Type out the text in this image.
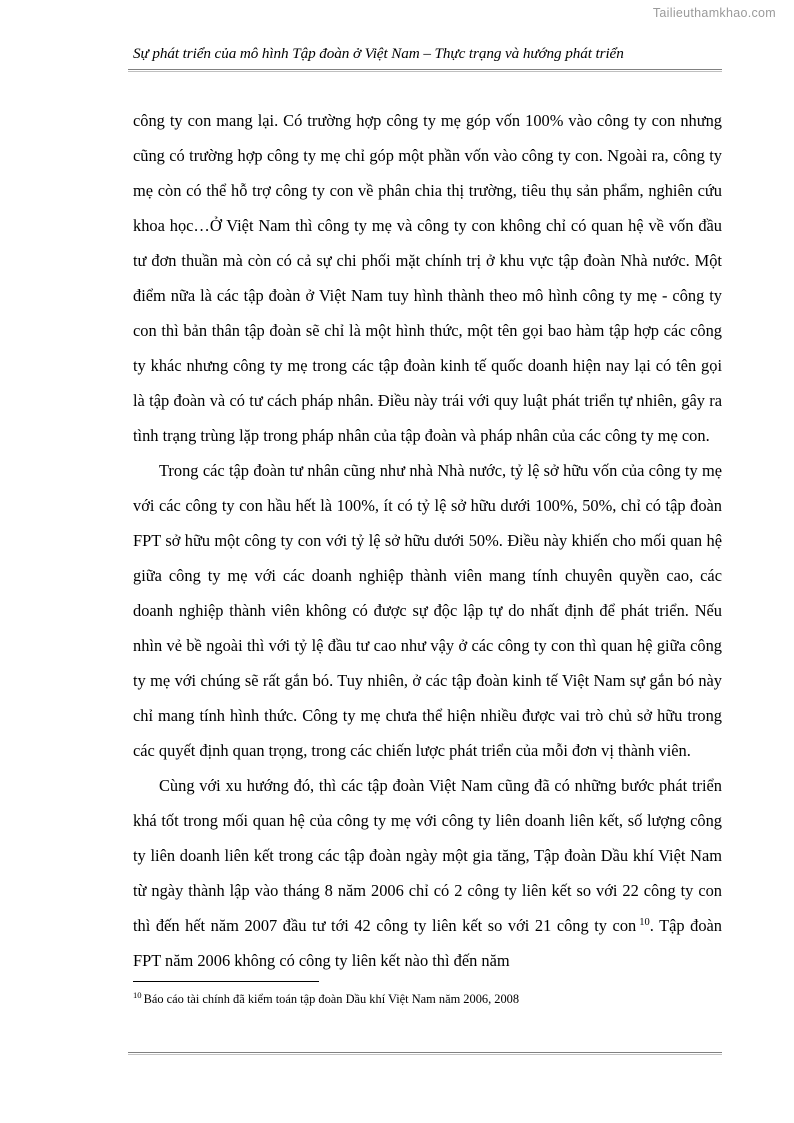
Tailieuthamkhao.com
Sự phát triển của mô hình Tập đoàn ở Việt Nam – Thực trạng và hướng phát triển

công ty con mang lại. Có trường hợp công ty mẹ góp vốn 100% vào công ty con nhưng cũng có trường hợp công ty mẹ chỉ góp một phần vốn vào công ty con. Ngoài ra, công ty mẹ còn có thể hỗ trợ công ty con về phân chia thị trường, tiêu thụ sản phẩm, nghiên cứu khoa học…Ở Việt Nam thì công ty mẹ và công ty con không chỉ có quan hệ về vốn đầu tư đơn thuần mà còn có cả sự chi phối mặt chính trị ở khu vực tập đoàn Nhà nước. Một điểm nữa là các tập đoàn ở Việt Nam tuy hình thành theo mô hình công ty mẹ - công ty con thì bản thân tập đoàn sẽ chỉ là một hình thức, một tên gọi bao hàm tập hợp các công ty khác nhưng công ty mẹ trong các tập đoàn kinh tế quốc doanh hiện nay lại có tên gọi là tập đoàn và có tư cách pháp nhân. Điều này trái với quy luật phát triển tự nhiên, gây ra tình trạng trùng lặp trong pháp nhân của tập đoàn và pháp nhân của các công ty mẹ con.

Trong các tập đoàn tư nhân cũng như nhà Nhà nước, tỷ lệ sở hữu vốn của công ty mẹ với các công ty con hầu hết là 100%, ít có tỷ lệ sở hữu dưới 100%, 50%, chỉ có tập đoàn FPT sở hữu một công ty con với tỷ lệ sở hữu dưới 50%. Điều này khiến cho mối quan hệ giữa công ty mẹ với các doanh nghiệp thành viên mang tính chuyên quyền cao, các doanh nghiệp thành viên không có được sự độc lập tự do nhất định để phát triển. Nếu nhìn vẻ bề ngoài thì với tỷ lệ đầu tư cao như vậy ở các công ty con thì quan hệ giữa công ty mẹ với chúng sẽ rất gắn bó. Tuy nhiên, ở các tập đoàn kinh tế Việt Nam sự gắn bó này chỉ mang tính hình thức. Công ty mẹ chưa thể hiện nhiều được vai trò chủ sở hữu trong các quyết định quan trọng, trong các chiến lược phát triển của mỗi đơn vị thành viên.

Cùng với xu hướng đó, thì các tập đoàn Việt Nam cũng đã có những bước phát triển khá tốt trong mối quan hệ của công ty mẹ với công ty liên doanh liên kết, số lượng công ty liên doanh liên kết trong các tập đoàn ngày một gia tăng, Tập đoàn Dầu khí Việt Nam từ ngày thành lập vào tháng 8 năm 2006 chỉ có 2 công ty liên kết so với 22 công ty con thì đến hết năm 2007 đầu tư tới 42 công ty liên kết so với 21 công ty con $^{10}$. Tập đoàn FPT năm 2006 không có công ty liên kết nào thì đến năm

$^{10}$ Báo cáo tài chính đã kiểm toán tập đoàn Dầu khí Việt Nam năm 2006, 2008
